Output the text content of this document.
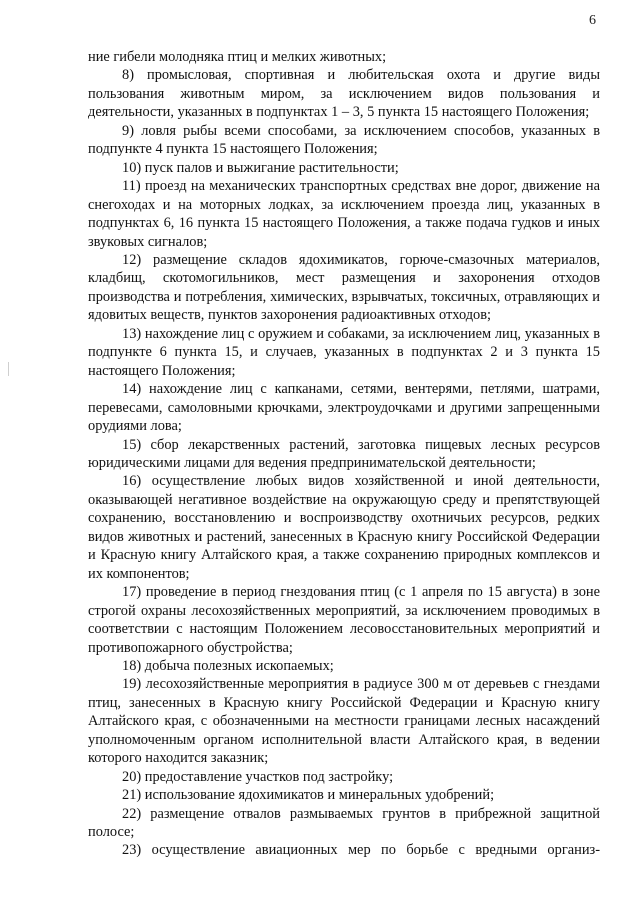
6

ние гибели молодняка птиц и мелких животных;

8) промысловая, спортивная и любительская охота и другие виды пользования животным миром, за исключением видов пользования и деятельности, указанных в подпунктах 1 – 3, 5 пункта 15 настоящего Положения;

9) ловля рыбы всеми способами, за исключением способов, указанных в подпункте 4 пункта 15 настоящего Положения;

10) пуск палов и выжигание растительности;

11) проезд на механических транспортных средствах вне дорог, движение на снегоходах и на моторных лодках, за исключением проезда лиц, указанных в подпунктах 6, 16 пункта 15 настоящего Положения, а также подача гудков и иных звуковых сигналов;

12) размещение складов ядохимикатов, горюче-смазочных материалов, кладбищ, скотомогильников, мест размещения и захоронения отходов производства и потребления, химических, взрывчатых, токсичных, отравляющих и ядовитых веществ, пунктов захоронения радиоактивных отходов;

13) нахождение лиц с оружием и собаками, за исключением лиц, указанных в подпункте 6 пункта 15, и случаев, указанных в подпунктах 2 и 3 пункта 15 настоящего Положения;

14) нахождение лиц с капканами, сетями, вентерями, петлями, шатрами, перевесами, самоловными крючками, электроудочками и другими запрещенными орудиями лова;

15) сбор лекарственных растений, заготовка пищевых лесных ресурсов юридическими лицами для ведения предпринимательской деятельности;

16) осуществление любых видов хозяйственной и иной деятельности, оказывающей негативное воздействие на окружающую среду и препятствующей сохранению, восстановлению и воспроизводству охотничьих ресурсов, редких видов животных и растений, занесенных в Красную книгу Российской Федерации и Красную книгу Алтайского края, а также сохранению природных комплексов и их компонентов;

17) проведение в период гнездования птиц (с 1 апреля по 15 августа) в зоне строгой охраны лесохозяйственных мероприятий, за исключением проводимых в соответствии с настоящим Положением лесовосстановительных мероприятий и противопожарного обустройства;

18) добыча полезных ископаемых;

19) лесохозяйственные мероприятия в радиусе 300 м от деревьев с гнездами птиц, занесенных в Красную книгу Российской Федерации и Красную книгу Алтайского края, с обозначенными на местности границами лесных насаждений уполномоченным органом исполнительной власти Алтайского края, в ведении которого находится заказник;

20) предоставление участков под застройку;

21) использование ядохимикатов и минеральных удобрений;

22) размещение отвалов размываемых грунтов в прибрежной защитной полосе;

23) осуществление авиационных мер по борьбе с вредными организ-
